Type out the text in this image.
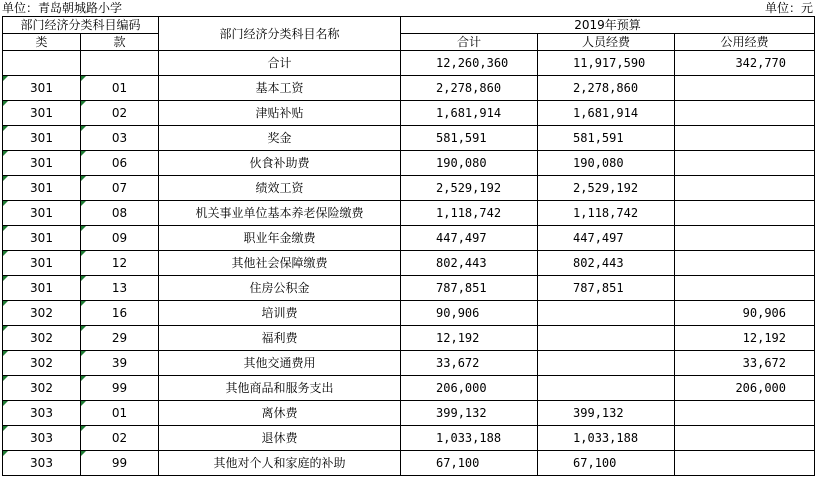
单位：青岛朝城路小学	单位：元
部门经济分类科目编码		部门经济分类科目名称	2019年预算		
类	款		合计	人员经费	公用经费
		合计	12,260,360	11,917,590	342,770
301	01	基本工资	2,278,860	2,278,860	
301	02	津贴补贴	1,681,914	1,681,914	
301	03	奖金	581,591	581,591	
301	06	伙食补助费	190,080	190,080	
301	07	绩效工资	2,529,192	2,529,192	
301	08	机关事业单位基本养老保险缴费	1,118,742	1,118,742	
301	09	职业年金缴费	447,497	447,497	
301	12	其他社会保障缴费	802,443	802,443	
301	13	住房公积金	787,851	787,851	
302	16	培训费	90,906		90,906
302	29	福利费	12,192		12,192
302	39	其他交通费用	33,672		33,672
302	99	其他商品和服务支出	206,000		206,000
303	01	离休费	399,132	399,132	
303	02	退休费	1,033,188	1,033,188	
303	99	其他对个人和家庭的补助	67,100	67,100	
